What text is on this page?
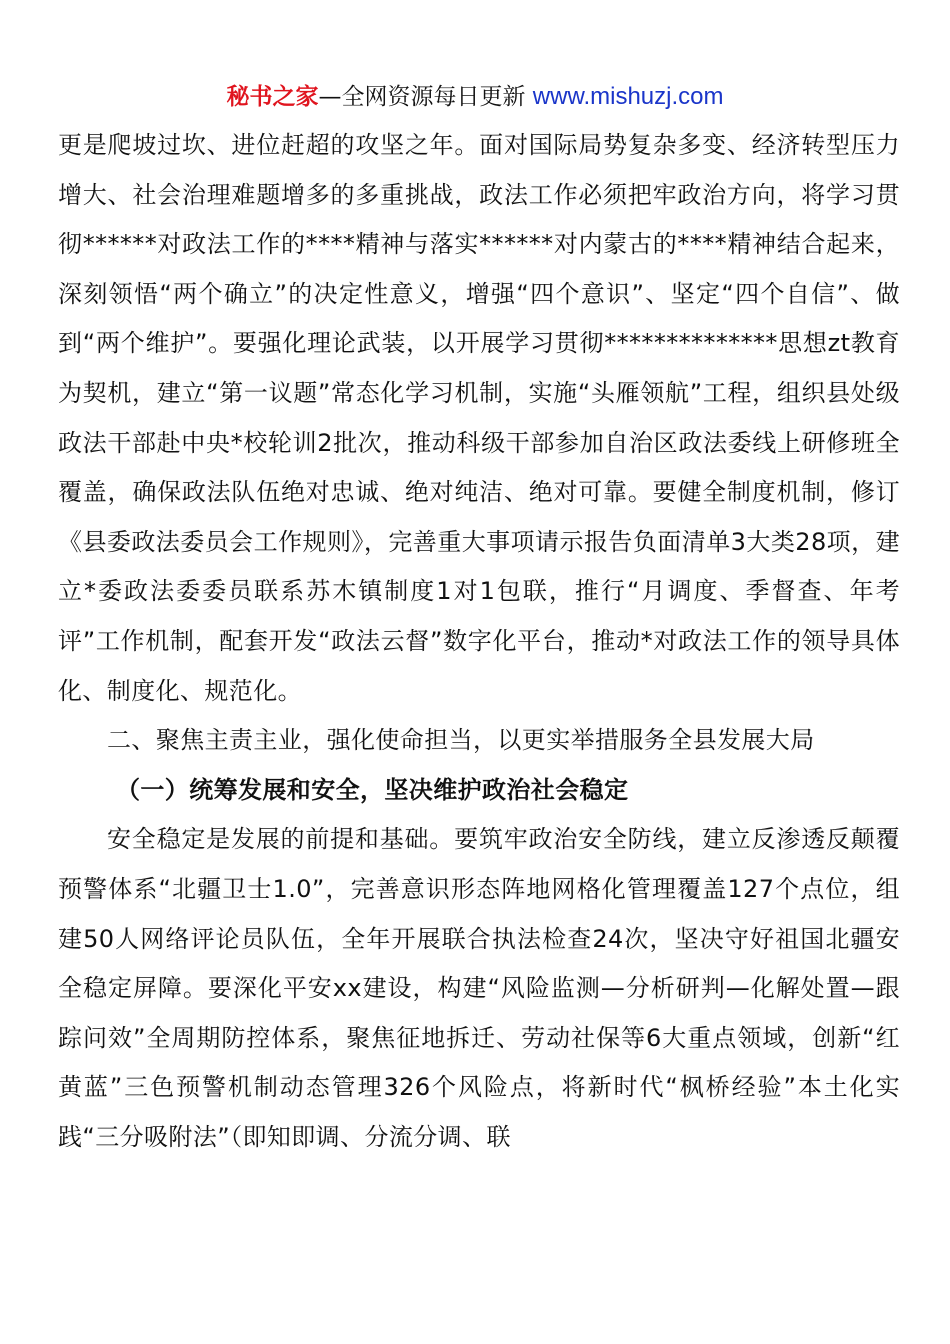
秘书之家—全网资源每日更新 www.mishuzj.com

更是爬坡过坎、进位赶超的攻坚之年。面对国际局势复杂多变、经济转型压力增大、社会治理难题增多的多重挑战，政法工作必须把牢政治方向，将学习贯彻******对政法工作的****精神与落实******对内蒙古的****精神结合起来，深刻领悟“两个确立”的决定性意义，增强“四个意识”、坚定“四个自信”、做到“两个维护”。要强化理论武装，以开展学习贯彻**************思想zt教育为契机，建立“第一议题”常态化学习机制，实施“头雁领航”工程，组织县处级政法干部赴中央*校轮训2批次，推动科级干部参加自治区政法委线上研修班全覆盖，确保政法队伍绝对忠诚、绝对纯洁、绝对可靠。要健全制度机制，修订《县委政法委员会工作规则》，完善重大事项请示报告负面清单3大类28项，建立*委政法委委员联系苏木镇制度1对1包联，推行“月调度、季督查、年考评”工作机制，配套开发“政法云督”数字化平台，推动*对政法工作的领导具体化、制度化、规范化。

二、聚焦主责主业，强化使命担当，以更实举措服务全县发展大局

（一）统筹发展和安全，坚决维护政治社会稳定

安全稳定是发展的前提和基础。要筑牢政治安全防线，建立反渗透反颠覆预警体系“北疆卫士1.0”，完善意识形态阵地网格化管理覆盖127个点位，组建50人网络评论员队伍，全年开展联合执法检查24次，坚决守好祖国北疆安全稳定屏障。要深化平安xx建设，构建“风险监测—分析研判—化解处置—跟踪问效”全周期防控体系，聚焦征地拆迁、劳动社保等6大重点领域，创新“红黄蓝”三色预警机制动态管理326个风险点，将新时代“枫桥经验”本土化实践“三分吸附法”（即知即调、分流分调、联
